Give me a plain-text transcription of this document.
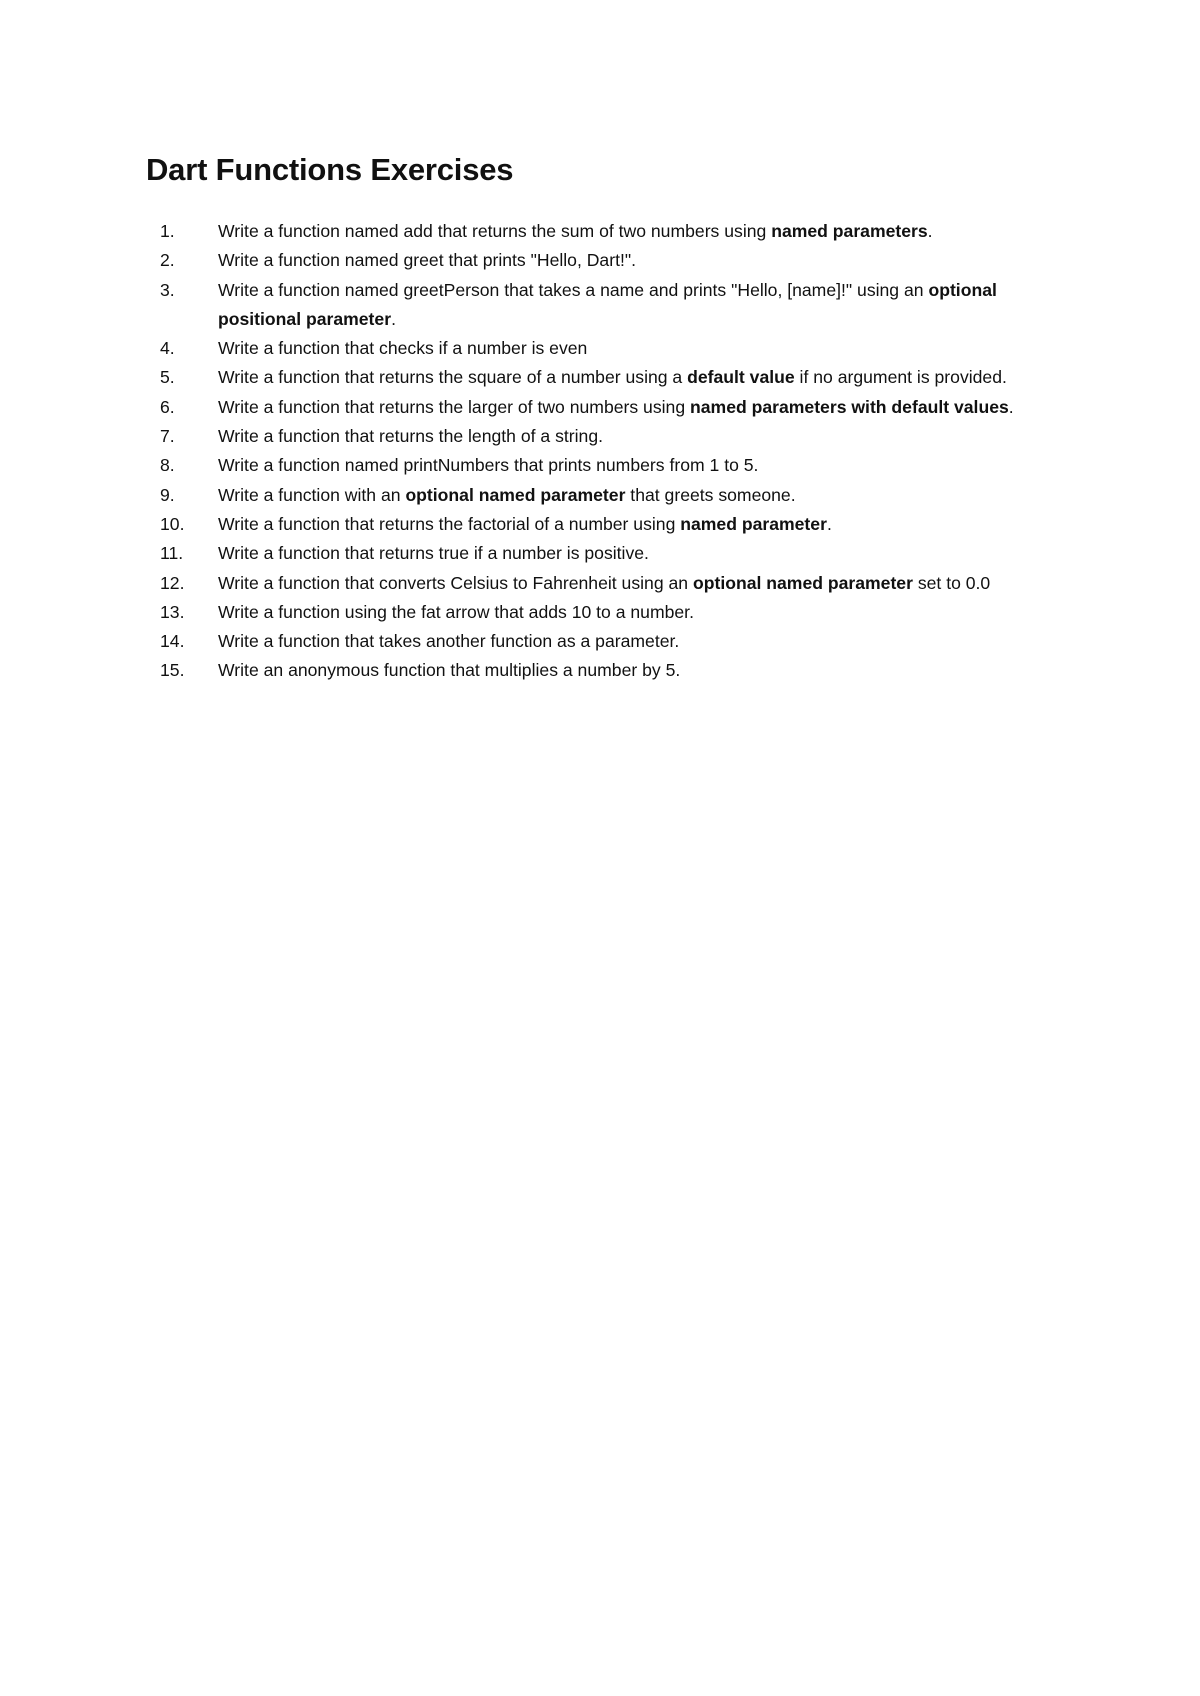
Dart Functions Exercises
1.	Write a function named add that returns the sum of two numbers using named parameters.
2.	Write a function named greet that prints "Hello, Dart!".
3.	Write a function named greetPerson that takes a name and prints "Hello, [name]!" using an optional positional parameter.
4.	Write a function that checks if a number is even
5.	Write a function that returns the square of a number using a default value if no argument is provided.
6.	Write a function that returns the larger of two numbers using named parameters with default values.
7.	Write a function that returns the length of a string.
8.	Write a function named printNumbers that prints numbers from 1 to 5.
9.	Write a function with an optional named parameter that greets someone.
10.	Write a function that returns the factorial of a number using named parameter.
11.	Write a function that returns true if a number is positive.
12.	Write a function that converts Celsius to Fahrenheit using an optional named parameter set to 0.0
13.	Write a function using the fat arrow that adds 10 to a number.
14.	Write a function that takes another function as a parameter.
15.	Write an anonymous function that multiplies a number by 5.
